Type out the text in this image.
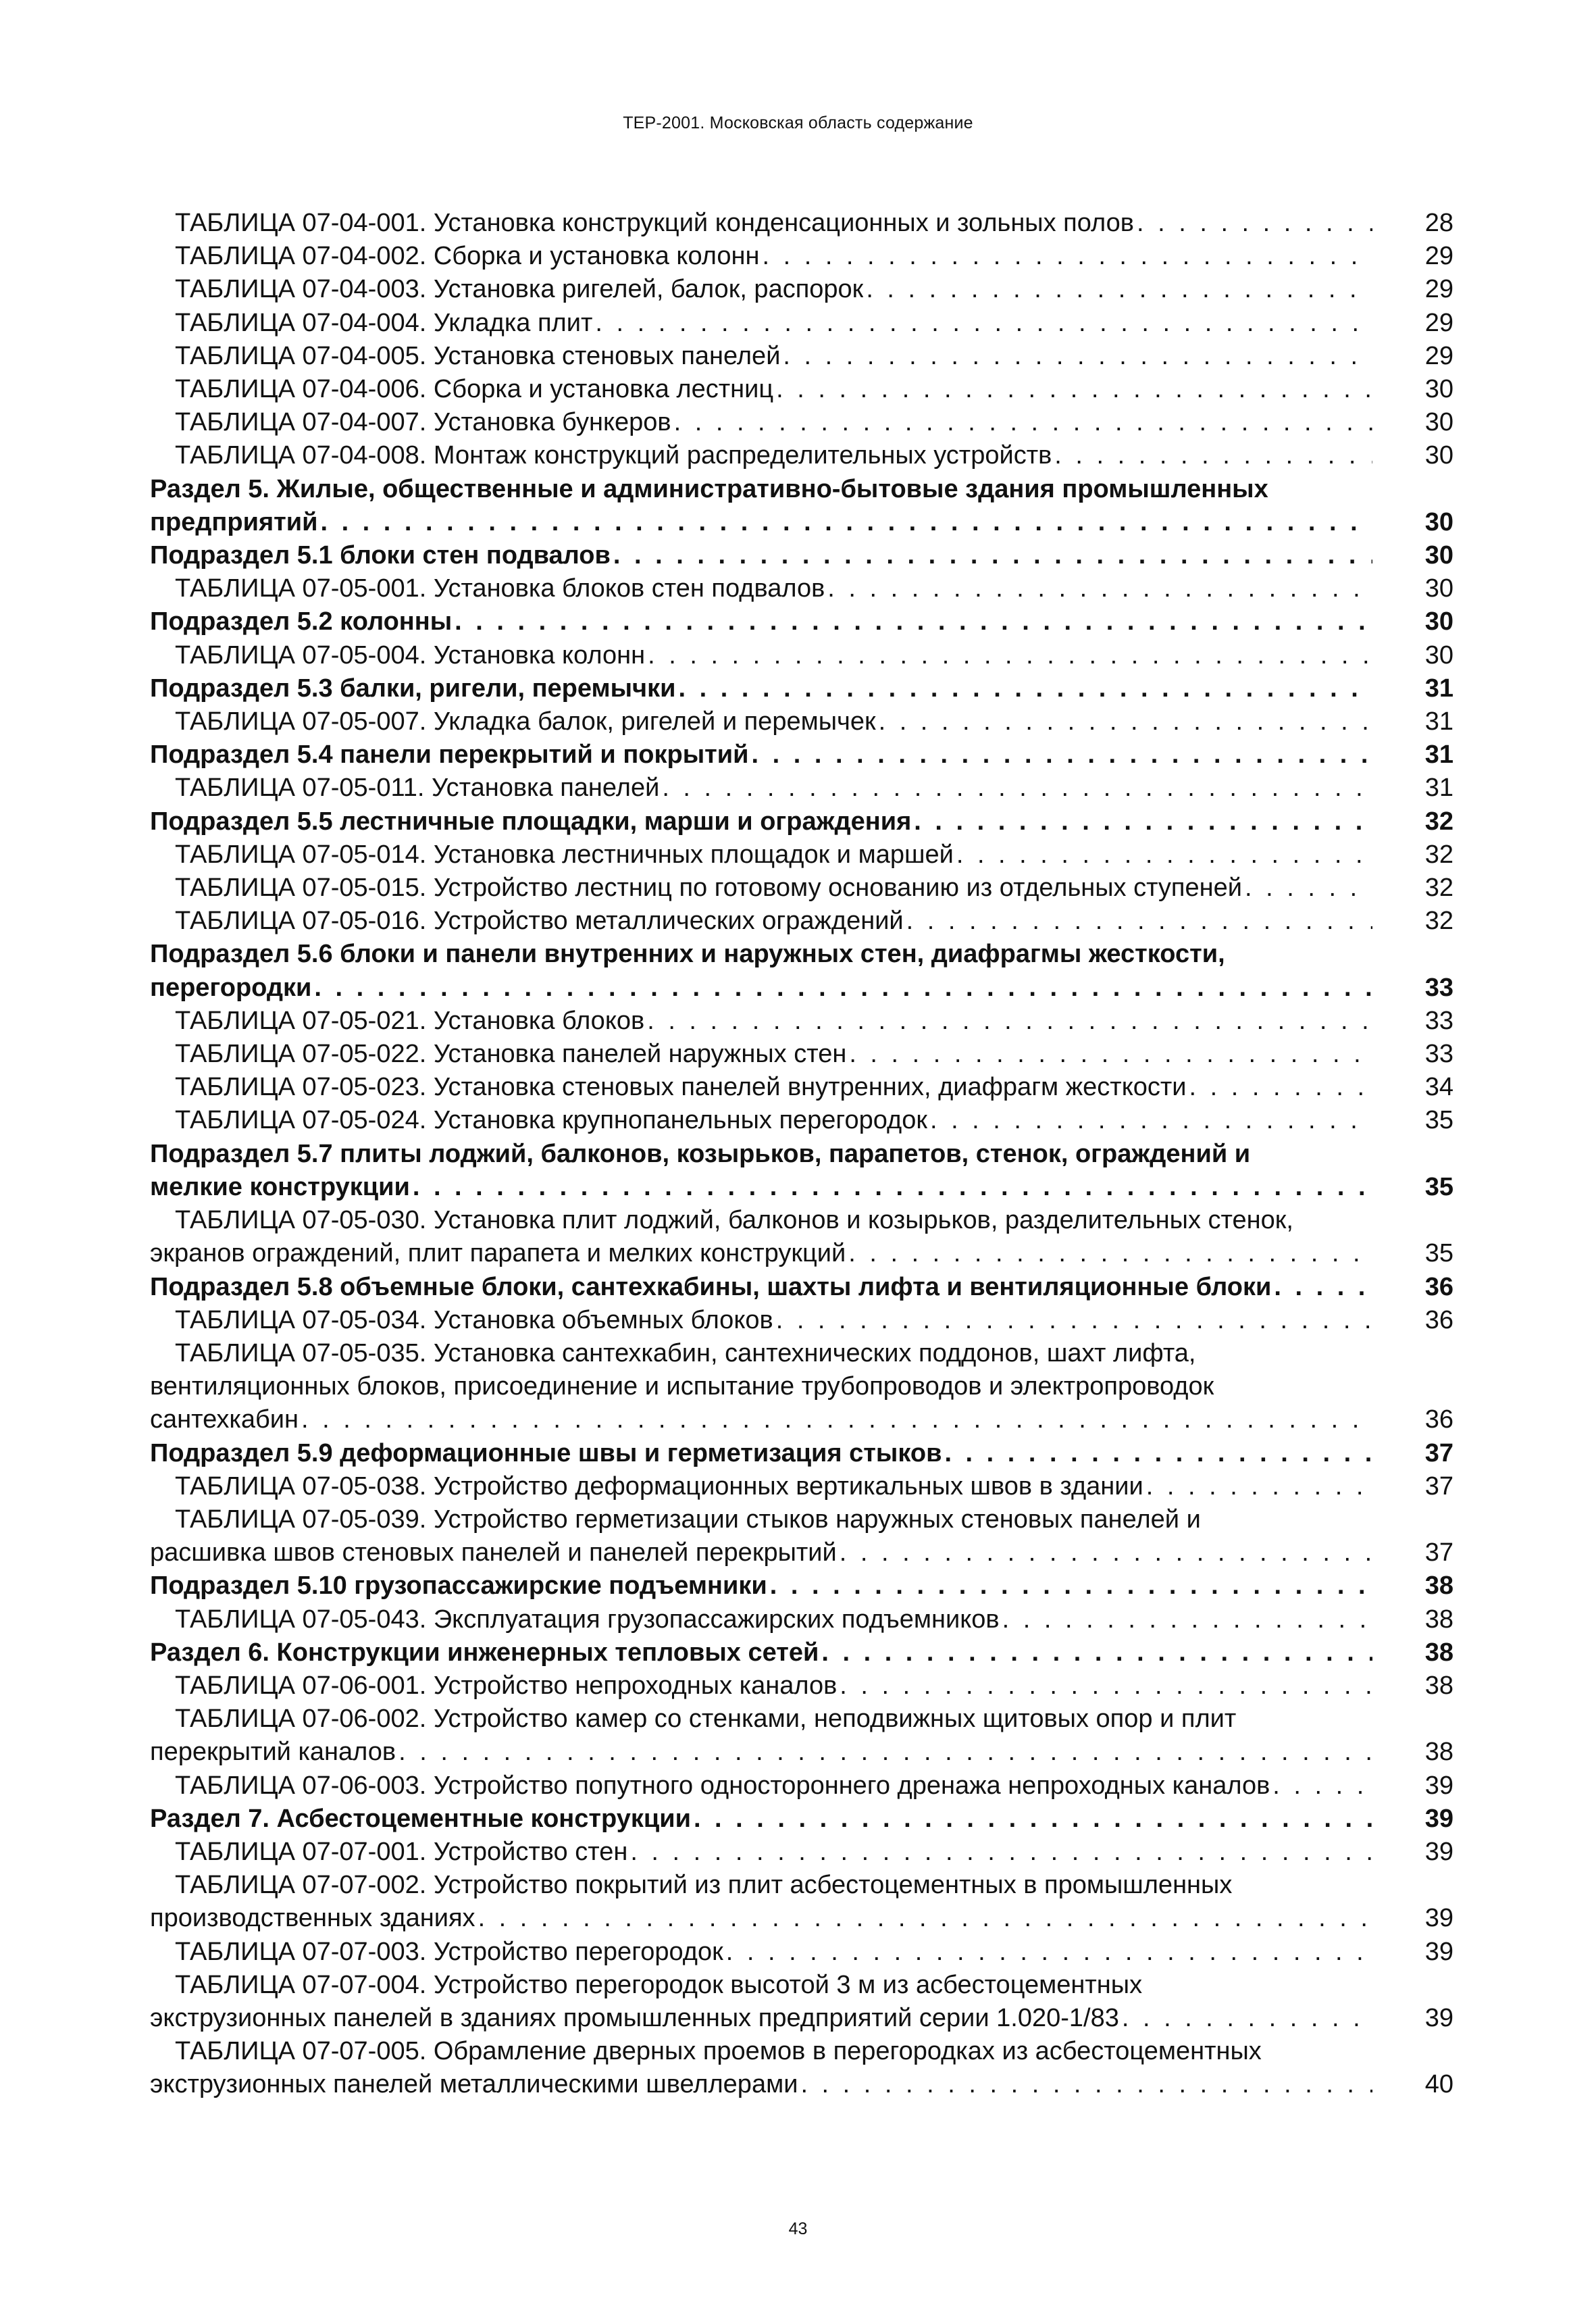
ТЕР-2001. Московская область содержание
ТАБЛИЦА 07-04-001. Установка конструкций конденсационных и зольных полов . . .	28
ТАБЛИЦА 07-04-002. Сборка и установка колонн . . .	29
ТАБЛИЦА 07-04-003. Установка ригелей, балок, распорок . . .	29
ТАБЛИЦА 07-04-004. Укладка плит . . .	29
ТАБЛИЦА 07-04-005. Установка стеновых панелей . . .	29
ТАБЛИЦА 07-04-006. Сборка и установка лестниц . . .	30
ТАБЛИЦА 07-04-007. Установка бункеров . . .	30
ТАБЛИЦА 07-04-008. Монтаж конструкций распределительных устройств . . .	30
Раздел 5. Жилые, общественные и административно-бытовые здания промышленных
предприятий . . .	30
Подраздел 5.1 блоки стен подвалов . . .	30
ТАБЛИЦА 07-05-001. Установка блоков стен подвалов . . .	30
Подраздел 5.2 колонны . . .	30
ТАБЛИЦА 07-05-004. Установка колонн . . .	30
Подраздел 5.3 балки, ригели, перемычки . . .	31
ТАБЛИЦА 07-05-007. Укладка балок, ригелей и перемычек . . .	31
Подраздел 5.4 панели перекрытий и покрытий . . .	31
ТАБЛИЦА 07-05-011. Установка панелей . . .	31
Подраздел 5.5 лестничные площадки, марши и ограждения . . .	32
ТАБЛИЦА 07-05-014. Установка лестничных площадок и маршей . . .	32
ТАБЛИЦА 07-05-015. Устройство лестниц по готовому основанию из отдельных ступеней . . .	32
ТАБЛИЦА 07-05-016. Устройство металлических ограждений . . .	32
Подраздел 5.6 блоки и панели внутренних и наружных стен, диафрагмы жесткости,
перегородки . . .	33
ТАБЛИЦА 07-05-021. Установка блоков . . .	33
ТАБЛИЦА 07-05-022. Установка панелей наружных стен . . .	33
ТАБЛИЦА 07-05-023. Установка стеновых панелей внутренних, диафрагм жесткости . . .	34
ТАБЛИЦА 07-05-024. Установка крупнопанельных перегородок . . .	35
Подраздел 5.7 плиты лоджий, балконов, козырьков, парапетов, стенок, ограждений и
мелкие конструкции . . .	35
ТАБЛИЦА 07-05-030. Установка плит лоджий, балконов и козырьков, разделительных стенок,
экранов ограждений, плит парапета и мелких конструкций . . .	35
Подраздел 5.8 объемные блоки, сантехкабины, шахты лифта и вентиляционные блоки . . .	36
ТАБЛИЦА 07-05-034. Установка объемных блоков . . .	36
ТАБЛИЦА 07-05-035. Установка сантехкабин, сантехнических поддонов, шахт лифта,
вентиляционных блоков, присоединение и испытание трубопроводов и электропроводок
сантехкабин . . .	36
Подраздел 5.9 деформационные швы и герметизация стыков . . .	37
ТАБЛИЦА 07-05-038. Устройство деформационных вертикальных швов в здании . . .	37
ТАБЛИЦА 07-05-039. Устройство герметизации стыков наружных стеновых панелей и
расшивка швов стеновых панелей и панелей перекрытий . . .	37
Подраздел 5.10 грузопассажирские подъемники . . .	38
ТАБЛИЦА 07-05-043. Эксплуатация грузопассажирских подъемников . . .	38
Раздел 6. Конструкции инженерных тепловых сетей . . .	38
ТАБЛИЦА 07-06-001. Устройство непроходных каналов . . .	38
ТАБЛИЦА 07-06-002. Устройство камер со стенками, неподвижных щитовых опор и плит
перекрытий каналов . . .	38
ТАБЛИЦА 07-06-003. Устройство попутного одностороннего дренажа непроходных каналов . . .	39
Раздел 7. Асбестоцементные конструкции . . .	39
ТАБЛИЦА 07-07-001. Устройство стен . . .	39
ТАБЛИЦА 07-07-002. Устройство покрытий из плит асбестоцементных в промышленных
производственных зданиях . . .	39
ТАБЛИЦА 07-07-003. Устройство перегородок . . .	39
ТАБЛИЦА 07-07-004. Устройство перегородок высотой 3 м из асбестоцементных
экструзионных панелей в зданиях промышленных предприятий серии 1.020-1/83 . . .	39
ТАБЛИЦА 07-07-005. Обрамление дверных проемов в перегородках из асбестоцементных
экструзионных панелей металлическими швеллерами . . .	40
43
